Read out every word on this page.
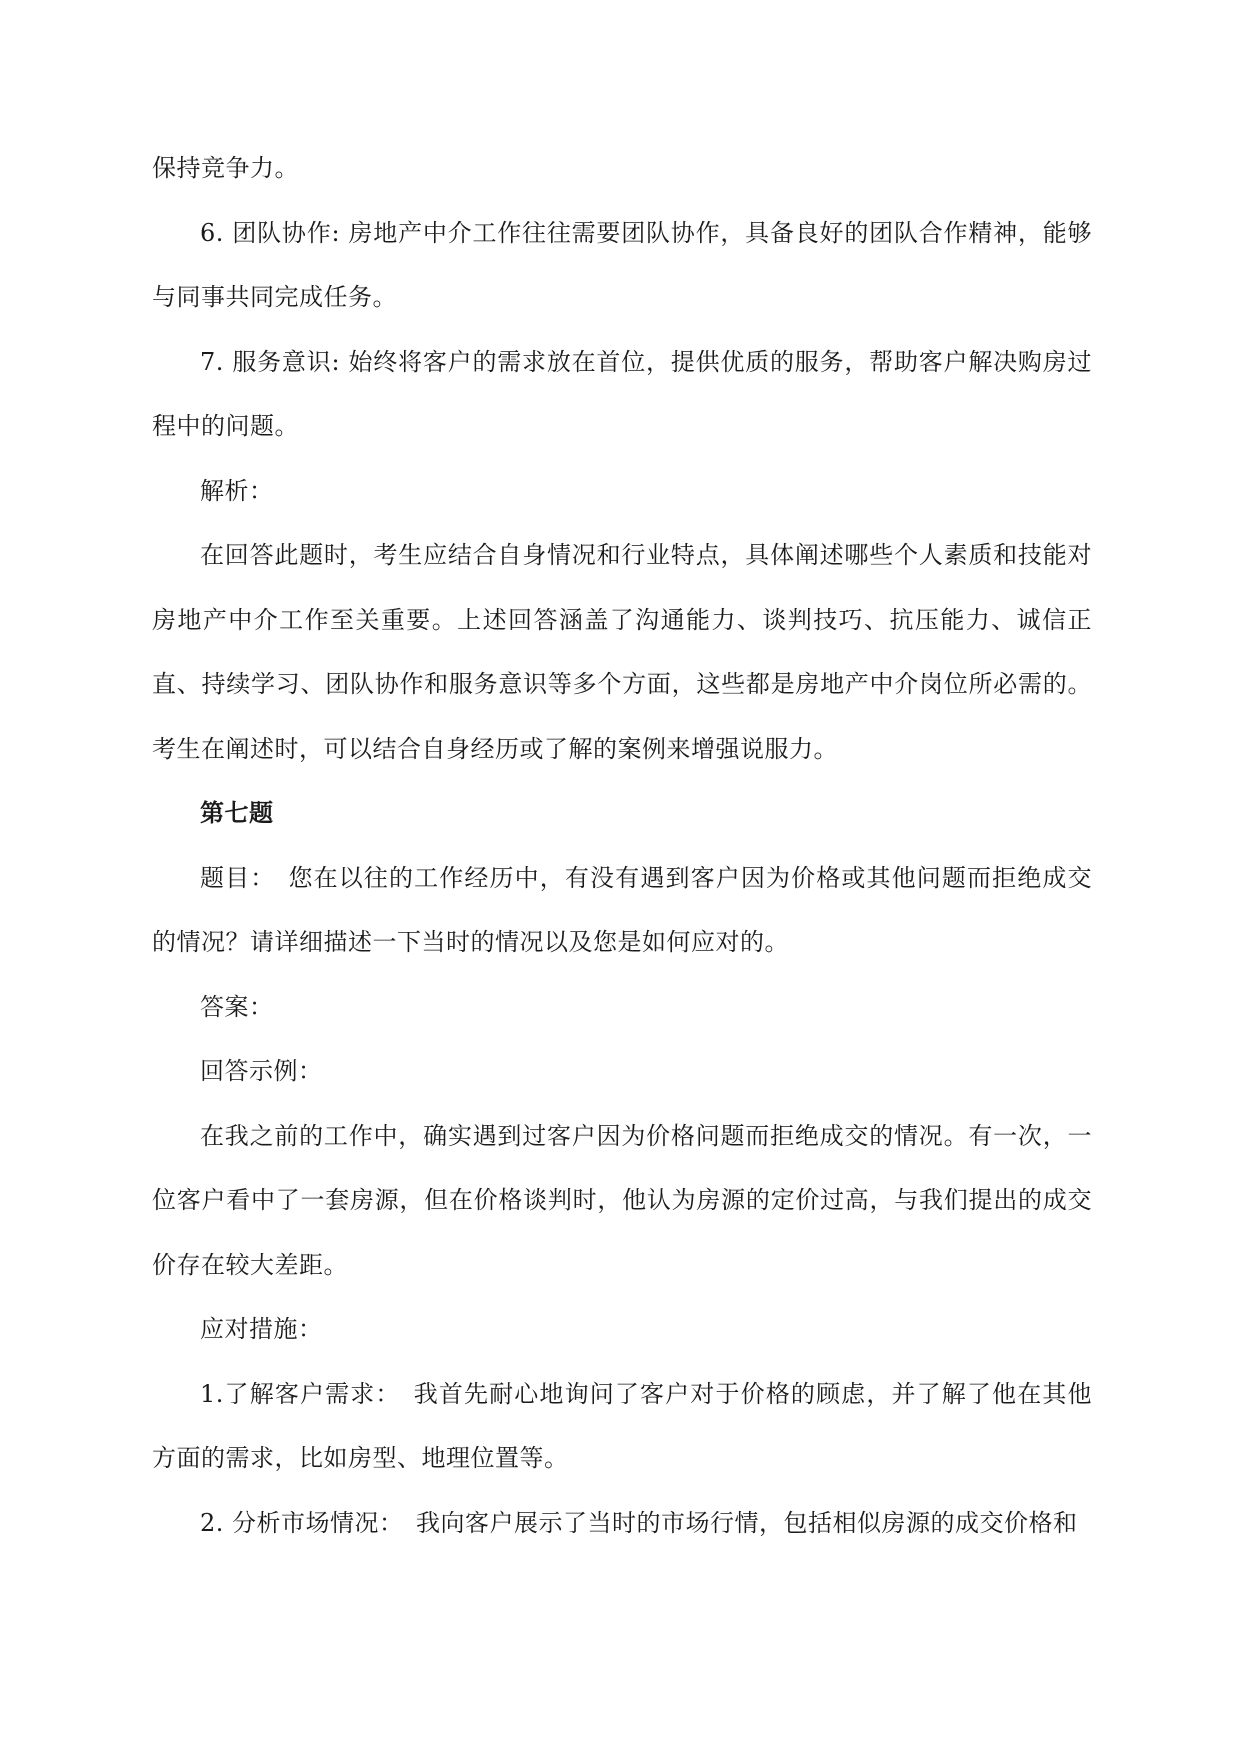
保持竞争力。

6. 团队协作: 房地产中介工作往往需要团队协作，具备良好的团队合作精神，能够与同事共同完成任务。

7. 服务意识: 始终将客户的需求放在首位，提供优质的服务，帮助客户解决购房过程中的问题。

解析：

在回答此题时，考生应结合自身情况和行业特点，具体阐述哪些个人素质和技能对房地产中介工作至关重要。上述回答涵盖了沟通能力、谈判技巧、抗压能力、诚信正直、持续学习、团队协作和服务意识等多个方面，这些都是房地产中介岗位所必需的。考生在阐述时，可以结合自身经历或了解的案例来增强说服力。

第七题

题目：　您在以往的工作经历中，有没有遇到客户因为价格或其他问题而拒绝成交的情况？请详细描述一下当时的情况以及您是如何应对的。

答案：

回答示例：

在我之前的工作中，确实遇到过客户因为价格问题而拒绝成交的情况。有一次，一位客户看中了一套房源，但在价格谈判时，他认为房源的定价过高，与我们提出的成交价存在较大差距。

应对措施：

1.了解客户需求：　我首先耐心地询问了客户对于价格的顾虑，并了解了他在其他方面的需求，比如房型、地理位置等。

2. 分析市场情况：　我向客户展示了当时的市场行情，包括相似房源的成交价格和
